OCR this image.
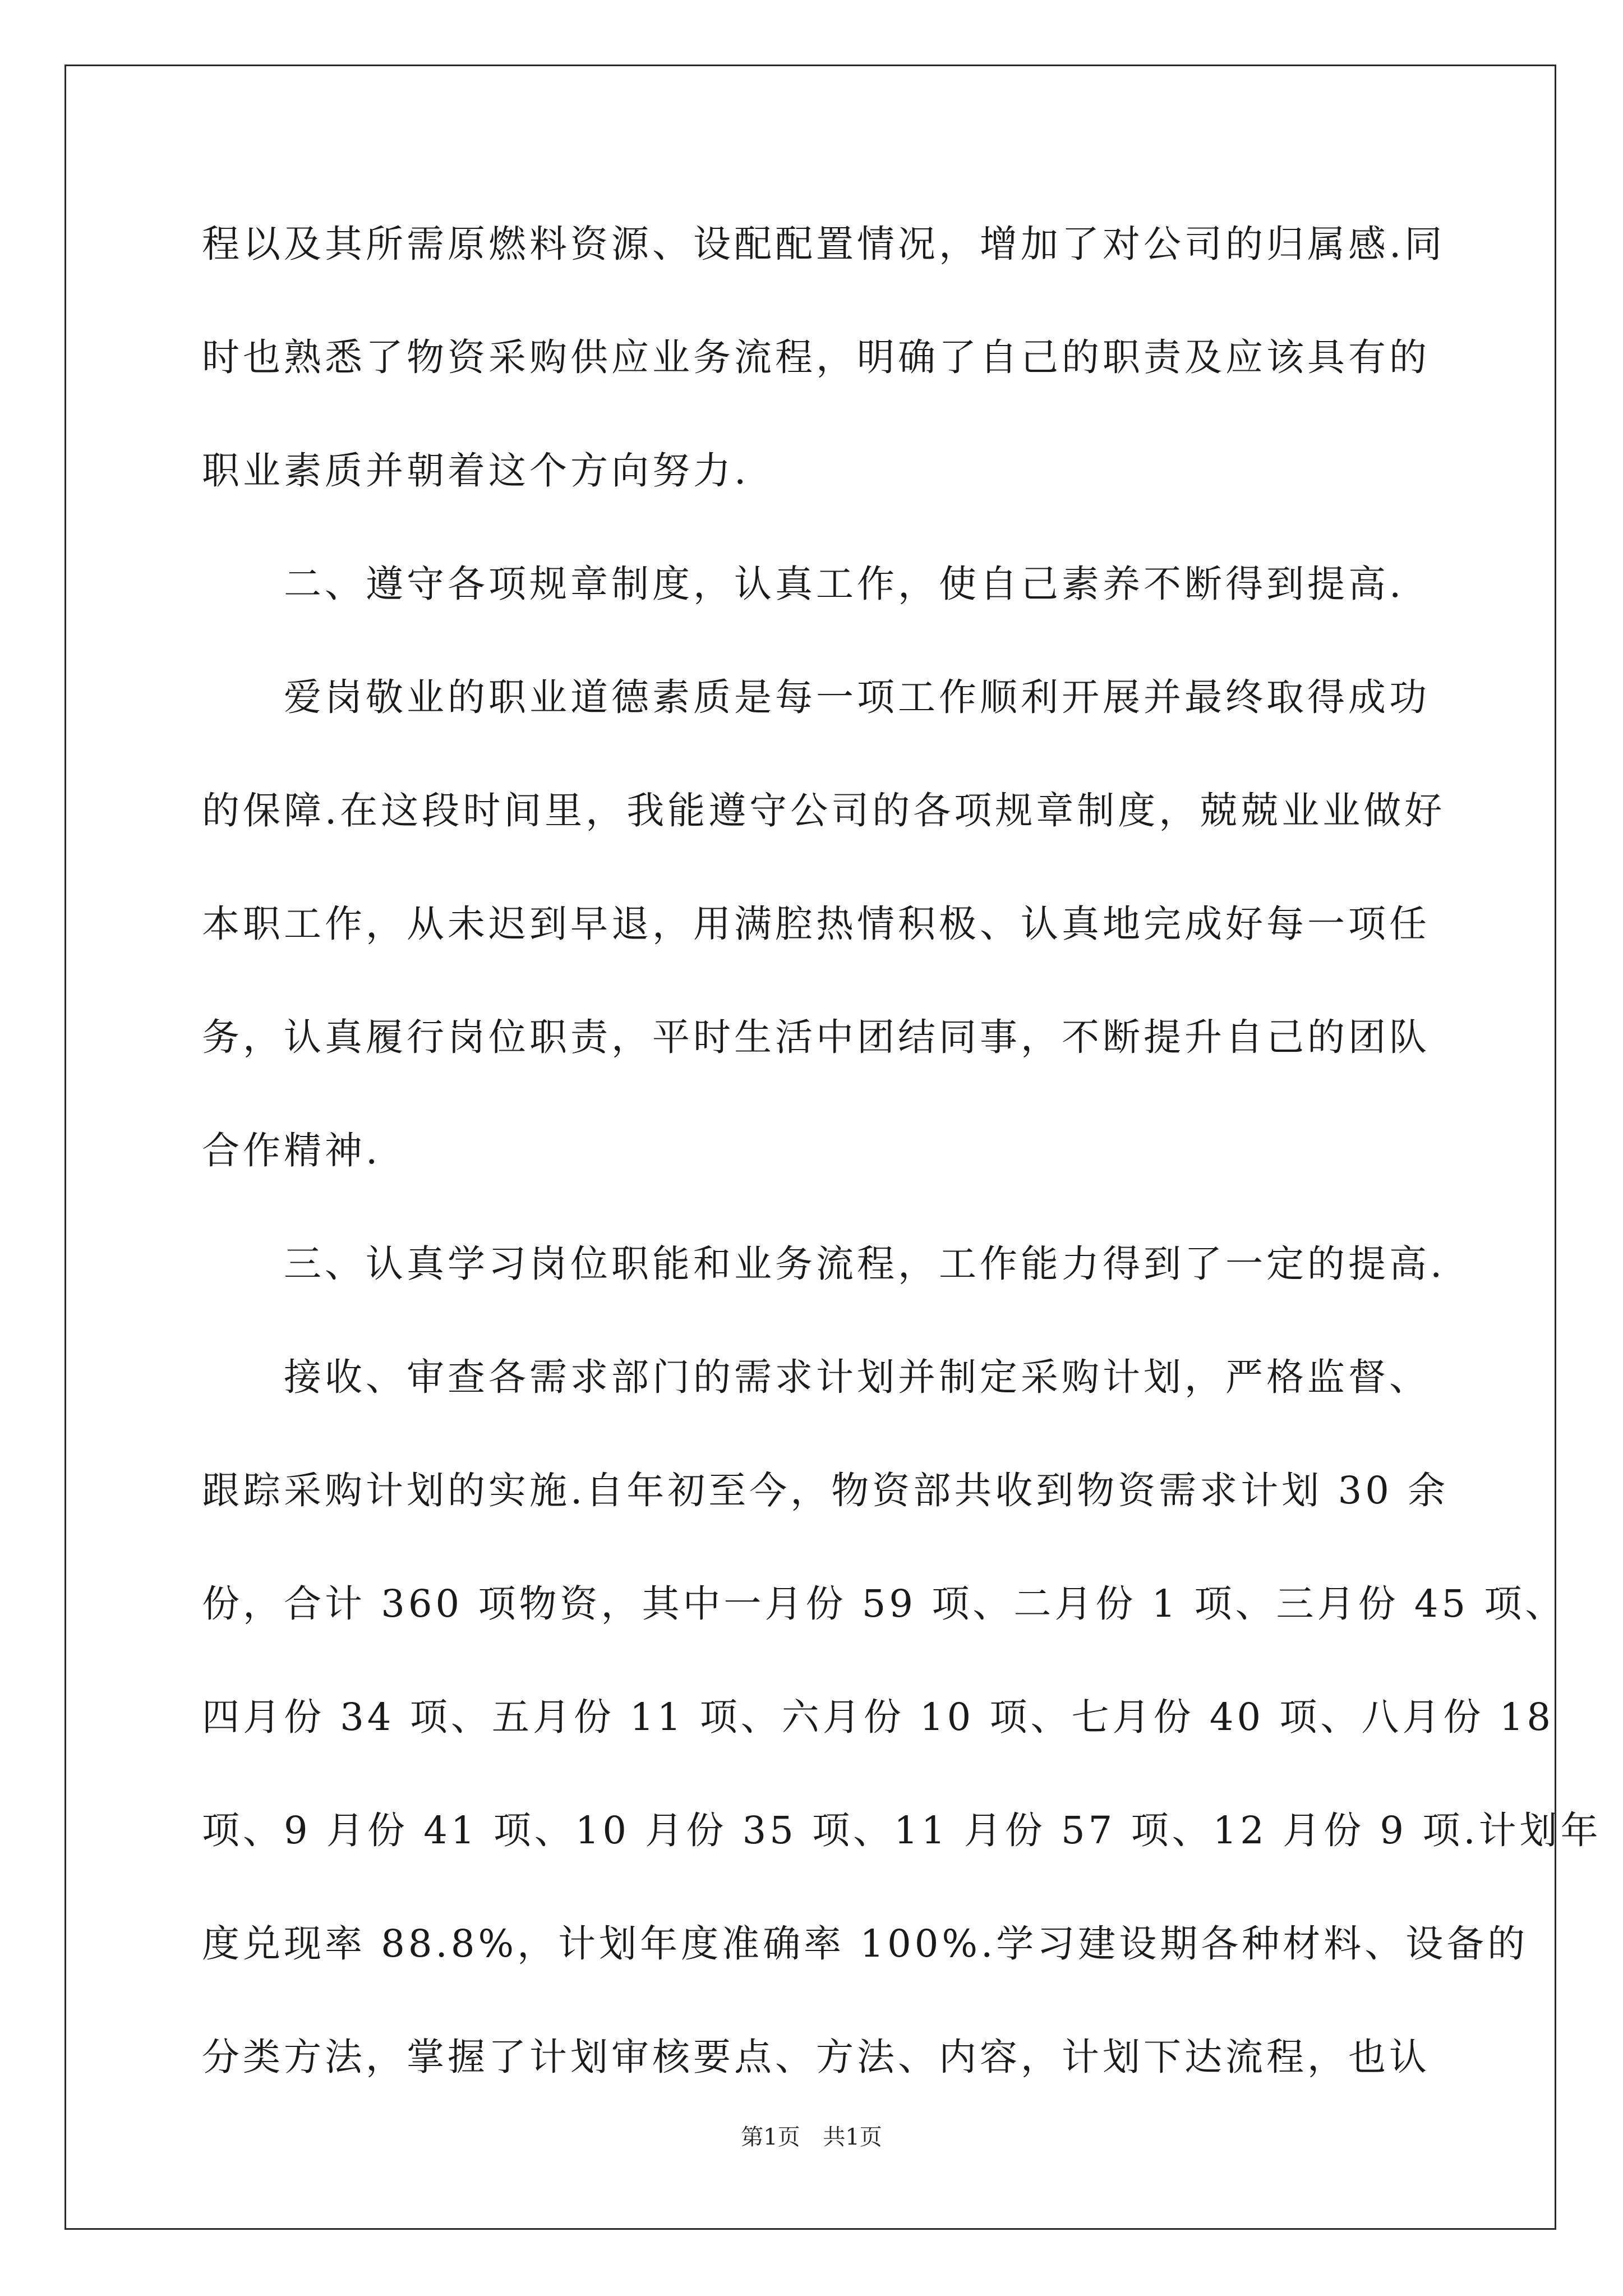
程以及其所需原燃料资源、设配配置情况，增加了对公司的归属感.同
时也熟悉了物资采购供应业务流程，明确了自己的职责及应该具有的
职业素质并朝着这个方向努力.
　　二、遵守各项规章制度，认真工作，使自己素养不断得到提高.
　　爱岗敬业的职业道德素质是每一项工作顺利开展并最终取得成功
的保障.在这段时间里，我能遵守公司的各项规章制度，兢兢业业做好
本职工作，从未迟到早退，用满腔热情积极、认真地完成好每一项任
务，认真履行岗位职责，平时生活中团结同事，不断提升自己的团队
合作精神.
　　三、认真学习岗位职能和业务流程，工作能力得到了一定的提高.
　　接收、审查各需求部门的需求计划并制定采购计划，严格监督、
跟踪采购计划的实施.自年初至今，物资部共收到物资需求计划 30 余
份，合计 360 项物资，其中一月份 59 项、二月份 1 项、三月份 45 项、
四月份 34 项、五月份 11 项、六月份 10 项、七月份 40 项、八月份 18
项、9 月份 41 项、10 月份 35 项、11 月份 57 项、12 月份 9 项.计划年
度兑现率 88.8%，计划年度准确率 100%.学习建设期各种材料、设备的
分类方法，掌握了计划审核要点、方法、内容，计划下达流程，也认
第1页 共1页
